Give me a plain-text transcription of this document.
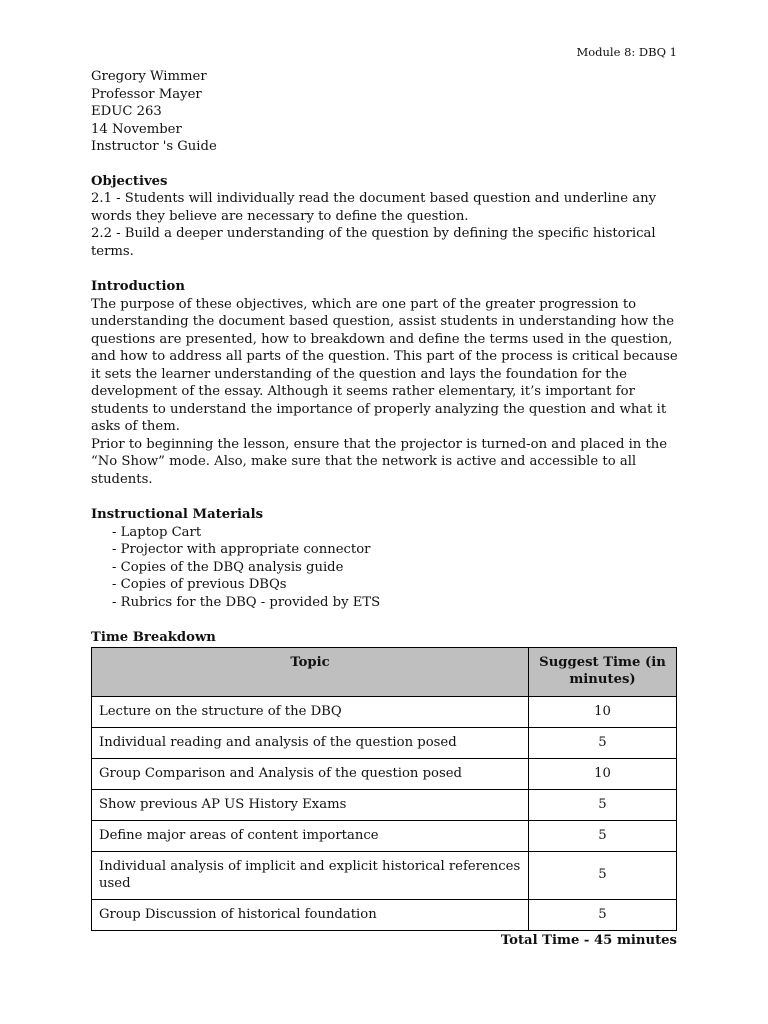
Module 8: DBQ 1
Gregory Wimmer
Professor Mayer
EDUC 263
14 November
Instructor 's Guide
Objectives

2.1 - Students will individually read the document based question and underline any words they believe are necessary to define the question.

2.2 - Build a deeper understanding of the question by defining the specific historical terms.

Introduction

The purpose of these objectives, which are one part of the greater progression to understanding the document based question, assist students in understanding how the questions are presented, how to breakdown and define the terms used in the question, and how to address all parts of the question. This part of the process is critical because it sets the learner understanding of the question and lays the foundation for the development of the essay. Although it seems rather elementary, it’s important for students to understand the importance of properly analyzing the question and what it asks of them.

Prior to beginning the lesson, ensure that the projector is turned-on and placed in the “No Show” mode. Also, make sure that the network is active and accessible to all students.

Instructional Materials
- Laptop Cart
- Projector with appropriate connector
- Copies of the DBQ analysis guide
- Copies of previous DBQs
- Rubrics for the DBQ - provided by ETS
Time Breakdown
Topic	Suggest Time (in minutes)
Lecture on the structure of the DBQ	10
Individual reading and analysis of the question posed	5
Group Comparison and Analysis of the question posed	10
Show previous AP US History Exams	5
Define major areas of content importance	5
Individual analysis of implicit and explicit historical references used	5
Group Discussion of historical foundation	5
Total Time - 45 minutes
